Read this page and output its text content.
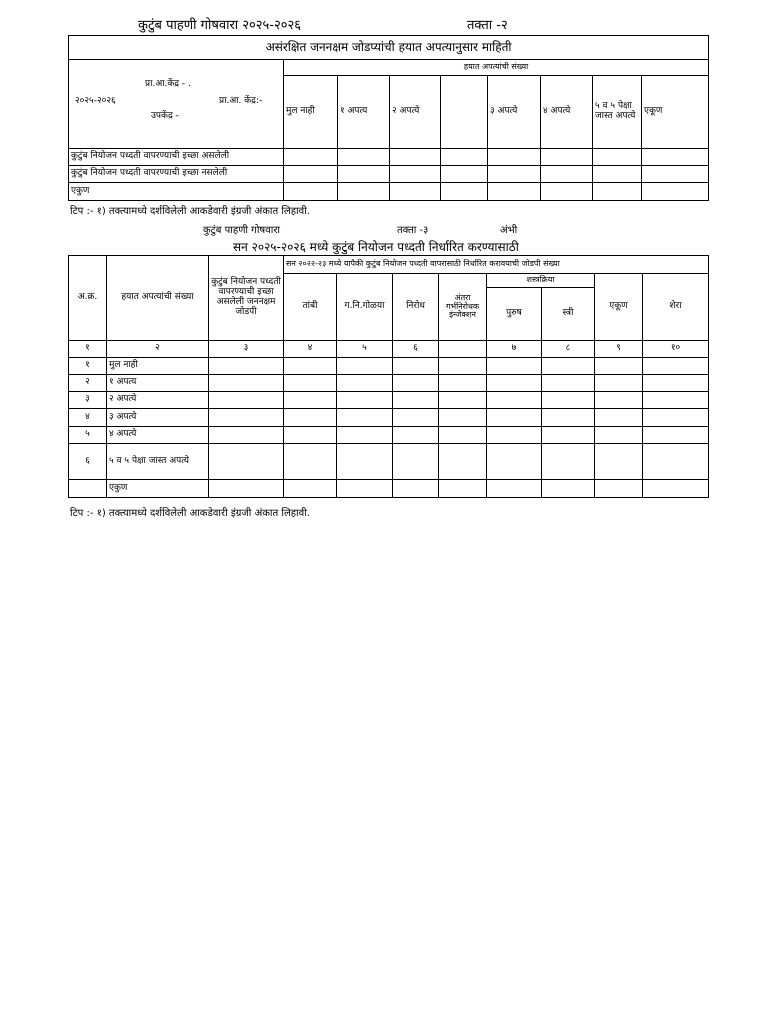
कुटुंब पाहणी गोषवारा २०२५-२०२६	तक्ता -२
असंरक्षित जननक्षम जोडप्यांची हयात अपत्यानुसार माहिती								

प्रा.आ.केंद्र - .
२०२५-२०२६ प्रा.आ. केंद्र:-
उपकेंद्र -	हयात अपत्यांची संख्या							
	मुल नाही	१ अपत्य	२ अपत्ये		३ अपत्ये	४ अपत्ये	५ व ५ पेक्षा जास्त अपत्ये	एकूण
कुटुंब नियोजन पध्दती वापरण्याची इच्छा असलेली								
कुटुंब नियोजन पध्दती वापरण्याची इच्छा नसलेली								
एकुण								
टिप :- १) तक्त्यामध्ये दर्शविलेली आकडेवारी इंग्रजी अंकात लिहावी.
कुटुंब पाहणी गोषवारा	तक्ता -३	अंभी
सन २०२५-२०२६ मध्ये कुटुंब नियोजन पध्दती निर्धारित करण्यासाठी
अ.क्र.	हयात अपत्यांची संख्या	कुटुंब नियोजन पध्दती वापरण्याची इच्छा असलेली जननक्षम जोडपी	सन २०२२-२३ मध्ये यापैकी कुटुंब नियोजन पध्दती वापरासाठी निर्धारित करावयाची जोडपी संख्या							
			तांबी	ग.नि.गोळया	निरोध	अंतरा गर्भनिरोधक इंन्जेक्शन	शस्त्रक्रिया		एकूण	शेरा
							पुरुष	स्त्री		
१	२	३	४	५	६		७	८	९	१०
१	मुल नाही									
२	१ अपत्य									
३	२ अपत्ये									
४	३ अपत्ये									
५	४ अपत्ये									
६	५ व ५ पेक्षा जास्त अपत्ये									
	एकुण									
टिप :- १) तक्त्यामध्ये दर्शविलेली आकडेवारी इंग्रजी अंकात लिहावी.
